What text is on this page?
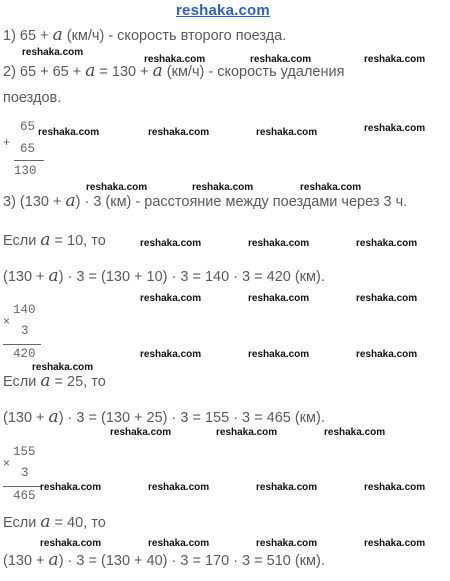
reshaka.com
1) 65 + a (км/ч) - скорость второго поезда.
2) 65 + 65 + a = 130 + a (км/ч) - скорость удаления
поездов.
+
65
65
130
3) (130 + a) · 3 (км) - расстояние между поездами через 3 ч.
Если a = 10, то
(130 + a) · 3 = (130 + 10) · 3 = 140 · 3 = 420 (км).
×
140
3
420
Если a = 25, то
(130 + a) · 3 = (130 + 25) · 3 = 155 · 3 = 465 (км).
×
155
3
465
Если a = 40, то
(130 + a) · 3 = (130 + 40) · 3 = 170 · 3 = 510 (км).
reshaka.com
reshaka.com	reshaka.com	reshaka.com
reshaka.com	reshaka.com	reshaka.com	reshaka.com
reshaka.com	reshaka.com	reshaka.com
reshaka.com	reshaka.com	reshaka.com
reshaka.com	reshaka.com	reshaka.com
reshaka.com
reshaka.com	reshaka.com	reshaka.com
reshaka.com	reshaka.com	reshaka.com
reshaka.com	reshaka.com	reshaka.com	reshaka.com
reshaka.com	reshaka.com	reshaka.com	reshaka.com
